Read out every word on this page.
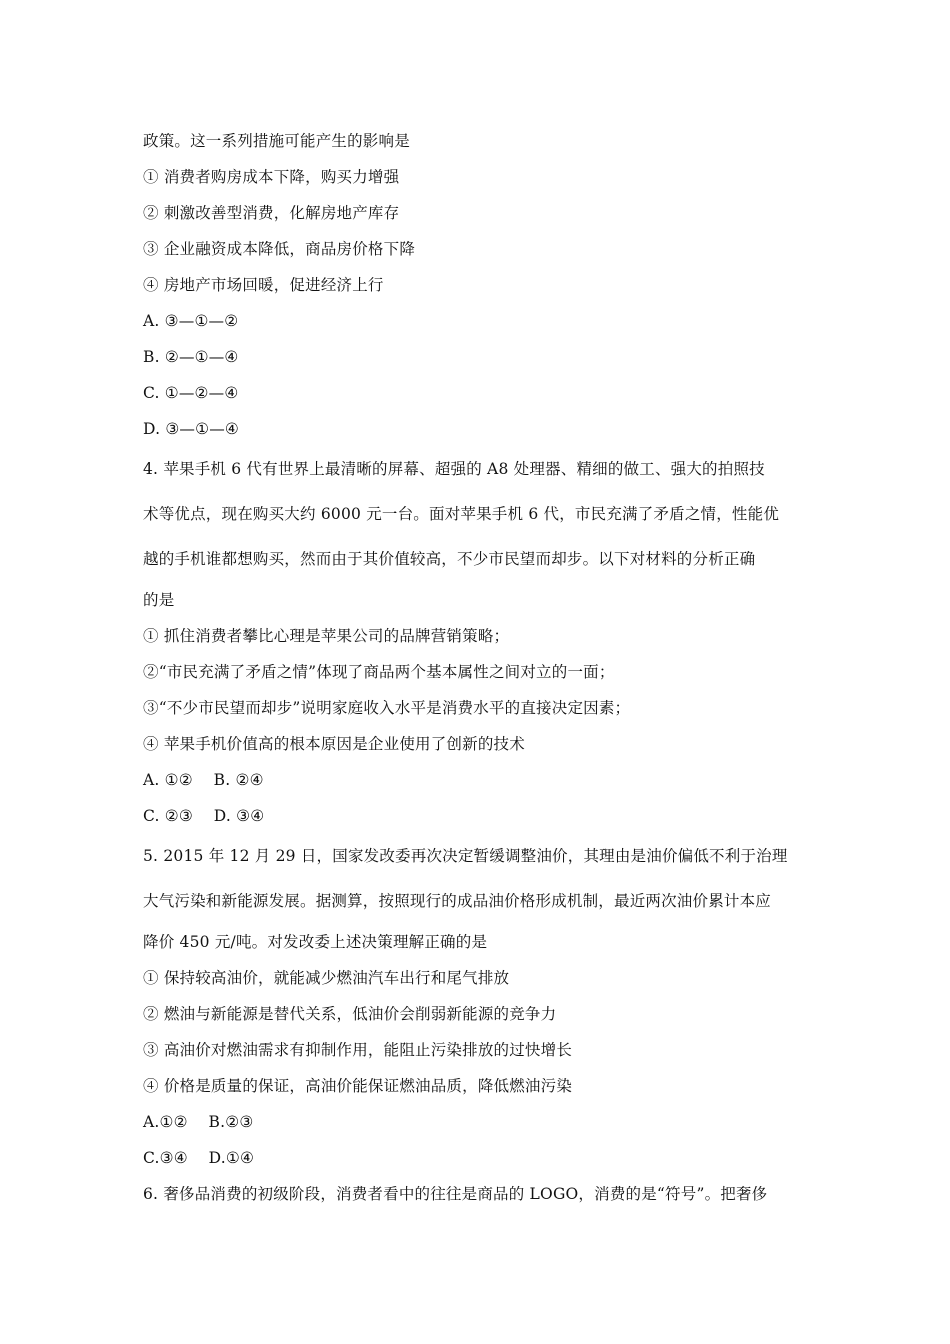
政策。这一系列措施可能产生的影响是
① 消费者购房成本下降，购买力增强
② 刺激改善型消费，化解房地产库存
③ 企业融资成本降低，商品房价格下降
④ 房地产市场回暖，促进经济上行
A. ③—①—②
B. ②—①—④
C. ①—②—④
D. ③—①—④
4. 苹果手机 6 代有世界上最清晰的屏幕、超强的 A8 处理器、精细的做工、强大的拍照技
术等优点，现在购买大约 6000 元一台。面对苹果手机 6 代，市民充满了矛盾之情，性能优
越的手机谁都想购买，然而由于其价值较高，不少市民望而却步。以下对材料的分析正确
的是
① 抓住消费者攀比心理是苹果公司的品牌营销策略；
②“市民充满了矛盾之情”体现了商品两个基本属性之间对立的一面；
③“不少市民望而却步”说明家庭收入水平是消费水平的直接决定因素；
④ 苹果手机价值高的根本原因是企业使用了创新的技术
A. ①②　 B. ②④
C. ②③　 D. ③④
5. 2015 年 12 月 29 日，国家发改委再次决定暂缓调整油价，其理由是油价偏低不利于治理
大气污染和新能源发展。据测算，按照现行的成品油价格形成机制，最近两次油价累计本应
降价 450 元/吨。对发改委上述决策理解正确的是
① 保持较高油价，就能减少燃油汽车出行和尾气排放
② 燃油与新能源是替代关系，低油价会削弱新能源的竞争力
③ 高油价对燃油需求有抑制作用，能阻止污染排放的过快增长
④ 价格是质量的保证，高油价能保证燃油品质，降低燃油污染
A.①②　 B.②③
C.③④　 D.①④
6. 奢侈品消费的初级阶段，消费者看中的往往是商品的 LOGO，消费的是“符号”。把奢侈
